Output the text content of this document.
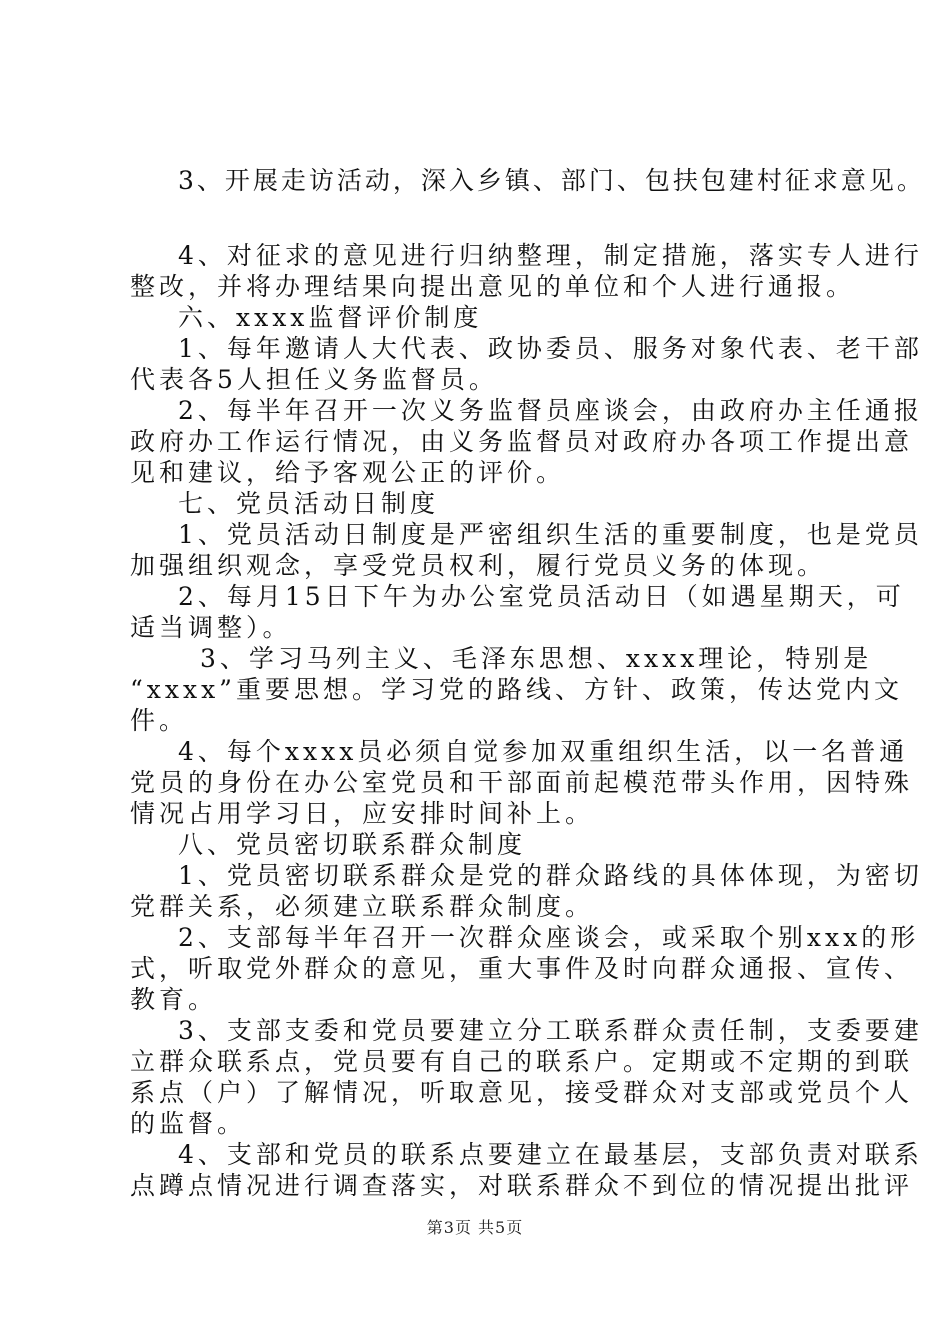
3、开展走访活动，深入乡镇、部门、包扶包建村征求意见。
4、对征求的意见进行归纳整理，制定措施，落实专人进行
整改，并将办理结果向提出意见的单位和个人进行通报。
六、xxxx监督评价制度
1、每年邀请人大代表、政协委员、服务对象代表、老干部
代表各5人担任义务监督员。
2、每半年召开一次义务监督员座谈会，由政府办主任通报
政府办工作运行情况，由义务监督员对政府办各项工作提出意
见和建议，给予客观公正的评价。
七、党员活动日制度
1、党员活动日制度是严密组织生活的重要制度，也是党员
加强组织观念，享受党员权利，履行党员义务的体现。
2、每月15日下午为办公室党员活动日（如遇星期天，可
适当调整）。
3、学习马列主义、毛泽东思想、xxxx理论，特别是
“xxxx”重要思想。学习党的路线、方针、政策，传达党内文
件。
4、每个xxxx员必须自觉参加双重组织生活，以一名普通
党员的身份在办公室党员和干部面前起模范带头作用，因特殊
情况占用学习日，应安排时间补上。
八、党员密切联系群众制度
1、党员密切联系群众是党的群众路线的具体体现，为密切
党群关系，必须建立联系群众制度。
2、支部每半年召开一次群众座谈会，或采取个别xxx的形
式，听取党外群众的意见，重大事件及时向群众通报、宣传、
教育。
3、支部支委和党员要建立分工联系群众责任制，支委要建
立群众联系点，党员要有自己的联系户。定期或不定期的到联
系点（户）了解情况，听取意见，接受群众对支部或党员个人
的监督。
4、支部和党员的联系点要建立在最基层，支部负责对联系
点蹲点情况进行调查落实，对联系群众不到位的情况提出批评
第3页 共5页
